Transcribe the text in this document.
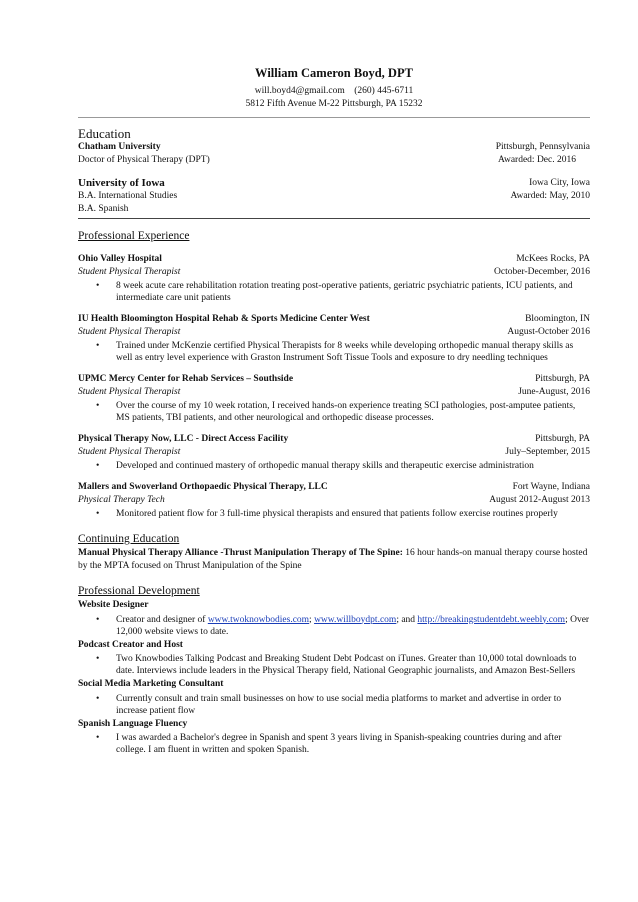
William Cameron Boyd, DPT
will.boyd4@gmail.com    (260) 445-6711
5812 Fifth Avenue M-22 Pittsburgh, PA 15232
Education
Chatham University	Pittsburgh, Pennsylvania
Doctor of Physical Therapy (DPT)	Awarded: Dec. 2016
University of Iowa	Iowa City, Iowa
B.A. International Studies	Awarded: May, 2010
B.A. Spanish
Professional Experience
Ohio Valley Hospital	McKees Rocks, PA
Student Physical Therapist	October-December, 2016
• 8 week acute care rehabilitation rotation treating post-operative patients, geriatric psychiatric patients, ICU patients, and intermediate care unit patients
IU Health Bloomington Hospital Rehab & Sports Medicine Center West	Bloomington, IN
Student Physical Therapist	August-October 2016
• Trained under McKenzie certified Physical Therapists for 8 weeks while developing orthopedic manual therapy skills as well as entry level experience with Graston Instrument Soft Tissue Tools and exposure to dry needling techniques
UPMC Mercy Center for Rehab Services – Southside	Pittsburgh, PA
Student Physical Therapist	June-August, 2016
• Over the course of my 10 week rotation, I received hands-on experience treating SCI pathologies, post-amputee patients, MS patients, TBI patients, and other neurological and orthopedic disease processes.
Physical Therapy Now, LLC - Direct Access Facility	Pittsburgh, PA
Student Physical Therapist	July–September, 2015
• Developed and continued mastery of orthopedic manual therapy skills and therapeutic exercise administration
Mallers and Swoverland Orthopaedic Physical Therapy, LLC	Fort Wayne, Indiana
Physical Therapy Tech	August 2012-August 2013
• Monitored patient flow for 3 full-time physical therapists and ensured that patients follow exercise routines properly
Continuing Education
Manual Physical Therapy Alliance -Thrust Manipulation Therapy of The Spine: 16 hour hands-on manual therapy course hosted by the MPTA focused on Thrust Manipulation of the Spine
Professional Development
Website Designer
• Creator and designer of www.twoknowbodies.com; www.willboydpt.com; and http://breakingstudentdebt.weebly.com; Over 12,000 website views to date.
Podcast Creator and Host
• Two Knowbodies Talking Podcast and Breaking Student Debt Podcast on iTunes. Greater than 10,000 total downloads to date. Interviews include leaders in the Physical Therapy field, National Geographic journalists, and Amazon Best-Sellers
Social Media Marketing Consultant
• Currently consult and train small businesses on how to use social media platforms to market and advertise in order to increase patient flow
Spanish Language Fluency
• I was awarded a Bachelor's degree in Spanish and spent 3 years living in Spanish-speaking countries during and after college. I am fluent in written and spoken Spanish.
